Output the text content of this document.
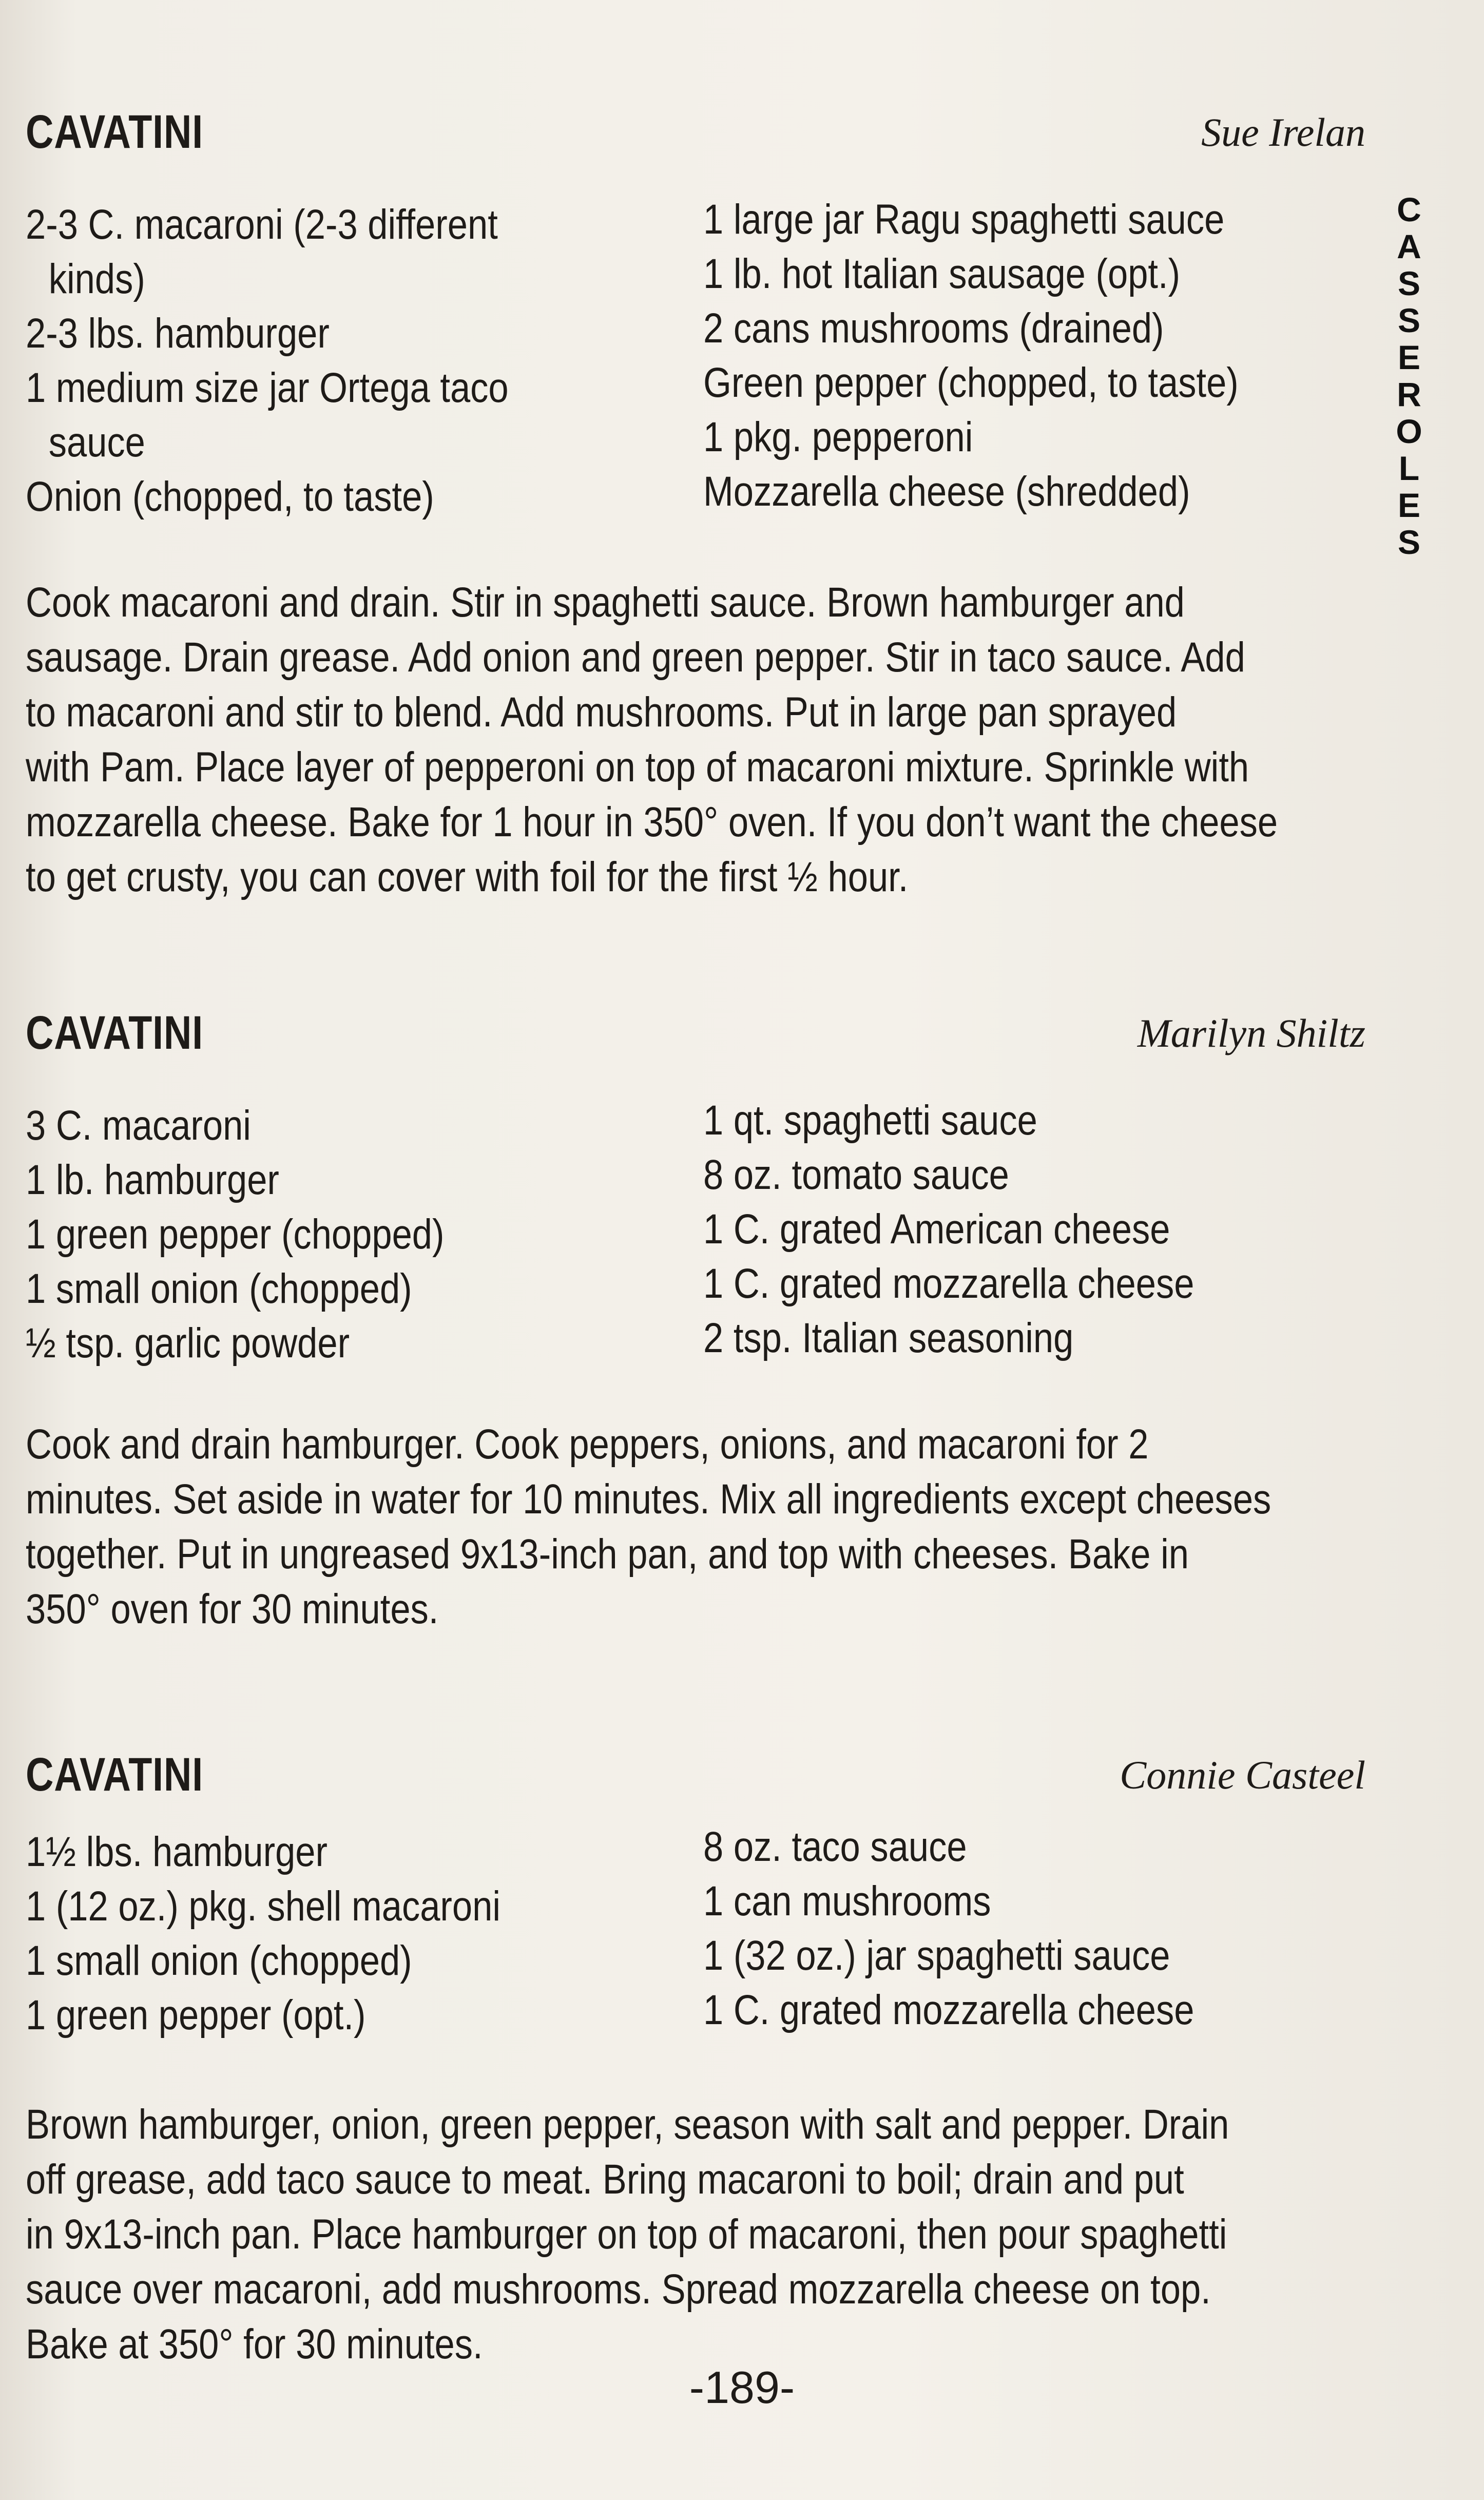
C
A
S
S
E
R
O
L
E
S
CAVATINI	Sue Irelan
2-3 C. macaroni (2-3 different
kinds)
2-3 lbs. hamburger
1 medium size jar Ortega taco
sauce
Onion (chopped, to taste)
1 large jar Ragu spaghetti sauce
1 lb. hot Italian sausage (opt.)
2 cans mushrooms (drained)
Green pepper (chopped, to taste)
1 pkg. pepperoni
Mozzarella cheese (shredded)
Cook macaroni and drain. Stir in spaghetti sauce. Brown hamburger and
sausage. Drain grease. Add onion and green pepper. Stir in taco sauce. Add
to macaroni and stir to blend. Add mushrooms. Put in large pan sprayed
with Pam. Place layer of pepperoni on top of macaroni mixture. Sprinkle with
mozzarella cheese. Bake for 1 hour in 350° oven. If you don’t want the cheese
to get crusty, you can cover with foil for the first ½ hour.
CAVATINI	Marilyn Shiltz
3 C. macaroni
1 lb. hamburger
1 green pepper (chopped)
1 small onion (chopped)
½ tsp. garlic powder
1 qt. spaghetti sauce
8 oz. tomato sauce
1 C. grated American cheese
1 C. grated mozzarella cheese
2 tsp. Italian seasoning
Cook and drain hamburger. Cook peppers, onions, and macaroni for 2
minutes. Set aside in water for 10 minutes. Mix all ingredients except cheeses
together. Put in ungreased 9x13-inch pan, and top with cheeses. Bake in
350° oven for 30 minutes.
CAVATINI	Connie Casteel
1½ lbs. hamburger
1 (12 oz.) pkg. shell macaroni
1 small onion (chopped)
1 green pepper (opt.)
8 oz. taco sauce
1 can mushrooms
1 (32 oz.) jar spaghetti sauce
1 C. grated mozzarella cheese
Brown hamburger, onion, green pepper, season with salt and pepper. Drain
off grease, add taco sauce to meat. Bring macaroni to boil; drain and put
in 9x13-inch pan. Place hamburger on top of macaroni, then pour spaghetti
sauce over macaroni, add mushrooms. Spread mozzarella cheese on top.
Bake at 350° for 30 minutes.
-189-
